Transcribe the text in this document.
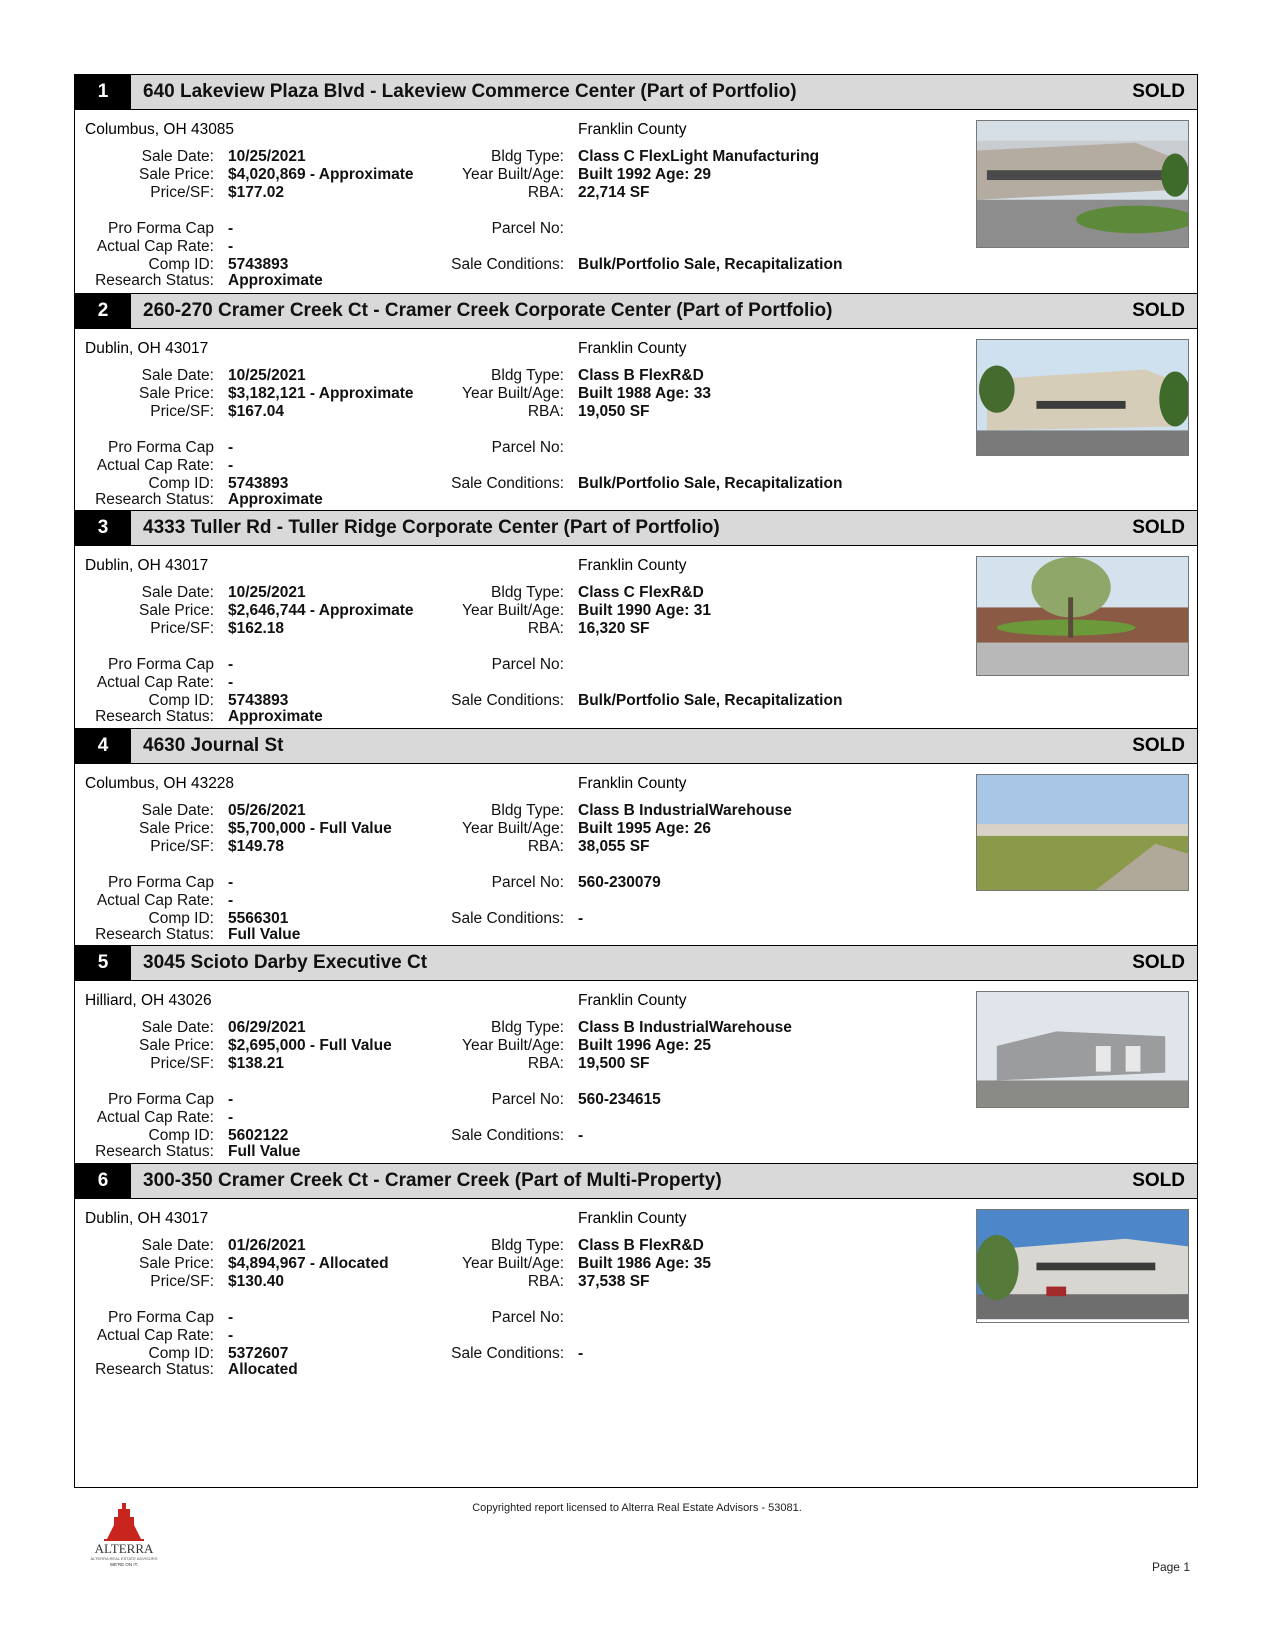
1	640 Lakeview Plaza Blvd - Lakeview Commerce Center (Part of Portfolio)	SOLD
Columbus, OH 43085	Franklin County
Sale Date: 10/25/2021
Sale Price: $4,020,869 - Approximate
Price/SF: $177.02
Pro Forma Cap -
Actual Cap Rate: -
Comp ID: 5743893
Research Status: Approximate
Bldg Type: Class C FlexLight Manufacturing
Year Built/Age: Built 1992 Age: 29
RBA: 22,714 SF
Parcel No:
Sale Conditions: Bulk/Portfolio Sale, Recapitalization
2	260-270 Cramer Creek Ct - Cramer Creek Corporate Center (Part of Portfolio)	SOLD
Dublin, OH 43017	Franklin County
Sale Date: 10/25/2021
Sale Price: $3,182,121 - Approximate
Price/SF: $167.04
Pro Forma Cap -
Actual Cap Rate: -
Comp ID: 5743893
Research Status: Approximate
Bldg Type: Class B FlexR&D
Year Built/Age: Built 1988 Age: 33
RBA: 19,050 SF
Parcel No:
Sale Conditions: Bulk/Portfolio Sale, Recapitalization
3	4333 Tuller Rd - Tuller Ridge Corporate Center (Part of Portfolio)	SOLD
Dublin, OH 43017	Franklin County
Sale Date: 10/25/2021
Sale Price: $2,646,744 - Approximate
Price/SF: $162.18
Pro Forma Cap -
Actual Cap Rate: -
Comp ID: 5743893
Research Status: Approximate
Bldg Type: Class C FlexR&D
Year Built/Age: Built 1990 Age: 31
RBA: 16,320 SF
Parcel No:
Sale Conditions: Bulk/Portfolio Sale, Recapitalization
4	4630 Journal St	SOLD
Columbus, OH 43228	Franklin County
Sale Date: 05/26/2021
Sale Price: $5,700,000 - Full Value
Price/SF: $149.78
Pro Forma Cap -
Actual Cap Rate: -
Comp ID: 5566301
Research Status: Full Value
Bldg Type: Class B IndustrialWarehouse
Year Built/Age: Built 1995 Age: 26
RBA: 38,055 SF
Parcel No: 560-230079
Sale Conditions: -
5	3045 Scioto Darby Executive Ct	SOLD
Hilliard, OH 43026	Franklin County
Sale Date: 06/29/2021
Sale Price: $2,695,000 - Full Value
Price/SF: $138.21
Pro Forma Cap -
Actual Cap Rate: -
Comp ID: 5602122
Research Status: Full Value
Bldg Type: Class B IndustrialWarehouse
Year Built/Age: Built 1996 Age: 25
RBA: 19,500 SF
Parcel No: 560-234615
Sale Conditions: -
6	300-350 Cramer Creek Ct - Cramer Creek (Part of Multi-Property)	SOLD
Dublin, OH 43017	Franklin County
Sale Date: 01/26/2021
Sale Price: $4,894,967 - Allocated
Price/SF: $130.40
Pro Forma Cap -
Actual Cap Rate: -
Comp ID: 5372607
Research Status: Allocated
Bldg Type: Class B FlexR&D
Year Built/Age: Built 1986 Age: 35
RBA: 37,538 SF
Parcel No:
Sale Conditions: -
ALTERRA
ALTERRA REAL ESTATE ADVISORS
WE'RE ON IT.
Copyrighted report licensed to Alterra Real Estate Advisors - 53081.
Page 1
